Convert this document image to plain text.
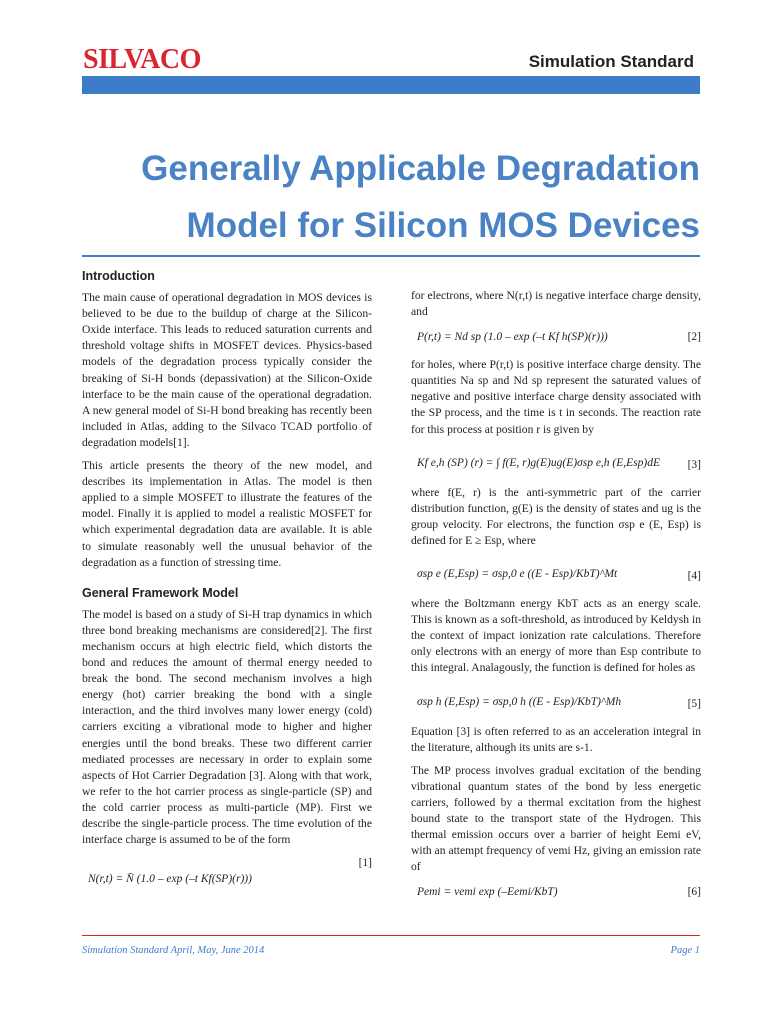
SILVACO	Simulation Standard
Generally Applicable Degradation
Model for Silicon MOS Devices
Introduction

The main cause of operational degradation in MOS devices is believed to be due to the buildup of charge at the Silicon-Oxide interface. This leads to reduced saturation currents and threshold voltage shifts in MOSFET devices. Physics-based models of the degradation process typically consider the breaking of Si-H bonds (depassivation) at the Silicon-Oxide interface to be the main cause of the operational degradation. A new general model of Si-H bond breaking has recently been included in Atlas, adding to the Silvaco TCAD portfolio of degradation models[1].

This article presents the theory of the new model, and describes its implementation in Atlas. The model is then applied to a simple MOSFET to illustrate the features of the model. Finally it is applied to model a realistic MOSFET for which experimental degradation data are available. It is able to simulate reasonably well the unusual behavior of the degradation as a function of stressing time.

General Framework Model

The model is based on a study of Si-H trap dynamics in which three bond breaking mechanisms are considered[2]. The first mechanism occurs at high electric field, which distorts the bond and reduces the amount of thermal energy needed to break the bond. The second mechanism involves a high energy (hot) carrier breaking the bond with a single interaction, and the third involves many lower energy (cold) carriers exciting a vibrational mode to higher and higher energies until the bond breaks. These two different carrier mediated processes are necessary in order to explain some aspects of Hot Carrier Degradation [3]. Along with that work, we refer to the hot carrier process as single-particle (SP) and the cold carrier process as multi-particle (MP). First we describe the single-particle process. The time evolution of the interface charge is assumed to be of the form

N(r,t) = N̄ (1.0 – exp (–t Kf(SP)(r)))
[1]

for electrons, where N(r,t) is negative interface charge density, and

P(r,t) = Nd sp (1.0 – exp (–t Kf h(SP)(r)))	[2]

for holes, where P(r,t) is positive interface charge density. The quantities Na sp and Nd sp represent the saturated values of negative and positive interface charge density associated with the SP process, and the time is t in seconds. The reaction rate for this process at position r is given by

Kf e,h (SP) (r) = ∫ f(E, r)g(E)ug(E)σsp e,h (E,Esp)dE [3]

where f(E, r) is the anti-symmetric part of the carrier distribution function, g(E) is the density of states and ug is the group velocity. For electrons, the function σsp e (E, Esp) is defined for E ≥ Esp, where

σsp e (E,Esp) = σsp,0 e ((E - Esp)/KbT)^Mt	[4]

where the Boltzmann energy KbT acts as an energy scale. This is known as a soft-threshold, as introduced by Keldysh in the context of impact ionization rate calculations. Therefore only electrons with an energy of more than Esp contribute to this integral. Analagously, the function is defined for holes as

σsp h (E,Esp) = σsp,0 h ((E - Esp)/KbT)^Mh	[5]

Equation [3] is often referred to as an acceleration integral in the literature, although its units are s-1.

The MP process involves gradual excitation of the bending vibrational quantum states of the bond by less energetic carriers, followed by a thermal excitation from the highest bound state to the transport state of the Hydrogen. This thermal emission occurs over a barrier of height Eemi eV, with an attempt frequency of νemi Hz, giving an emission rate of

Pemi = νemi exp (–Eemi/KbT)	[6]
Simulation Standard April, May, June 2014	Page 1
